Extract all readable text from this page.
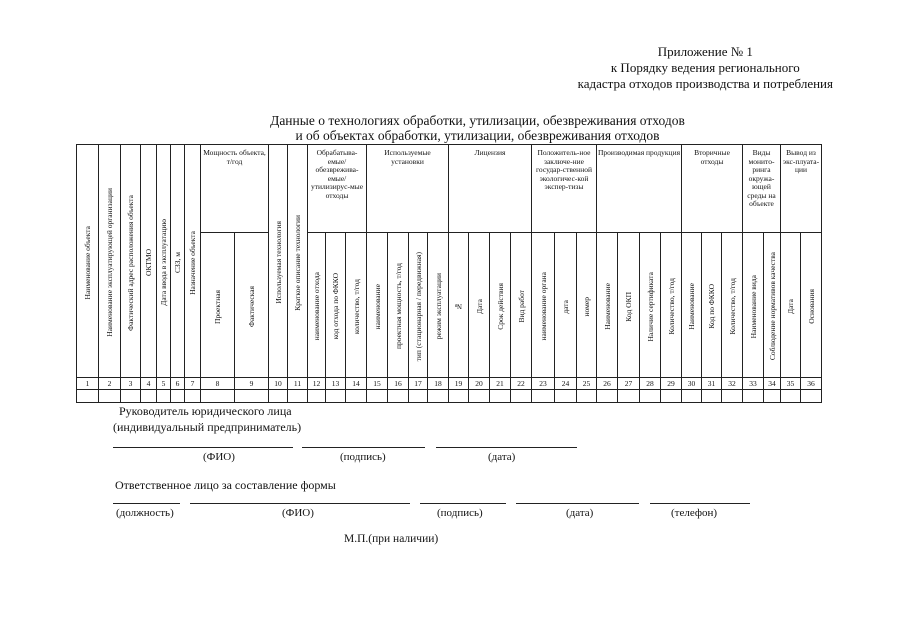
Приложение № 1
к Порядку ведения регионального
кадастра отходов производства и потребления
Данные о технологиях обработки, утилизации, обезвреживания отходов
и об объектах обработки, утилизации, обезвреживания отходов
Наименование объекта	Наименование эксплуатирующей организации	Фактический адрес расположения объекта	ОКТМО	Дата ввода в эксплуатацию	СЗЗ, м	Назначение объекта	Мощность объекта, т/год		Используемая технология	Краткое описание технологии	Обрабатыва-емые/ обезврежива-емые/ утилизирус-мые отходы			Используемые установки				Лицензия				Положитель-ное заключе-ние государ-ственной экологичес-кой экспер-тизы			Производимая продукция				Вторичные отходы			Виды монито-ринга окружа-ющей среды на объекте		Вывод из экс-плуата-ции	

							Проектная	Фактическая			наименование отхода	код отхода по ФККО	количество, т/год	наименование	проектная мощность, т/год	тип (стационарная / передвижная)	режим эксплуатации	№	Дата	Срок действия	Вид работ	наименование органа	дата	номер	Наименование	Код ОКП	Наличие сертификата	Количество, т/год	Наименование	Код по ФККО	Количество, т/год	Наименование вида	Соблюдение нормативов качества	Дата	Основания

1	2	3	4	5	6	7	8	9	10	11	12	13	14	15	16	17	18	19	20	21	22	23	24	25	26	27	28	29	30	31	32	33	34	35	36

Руководитель юридического лица
(индивидуальный предприниматель)
(ФИО)	(подпись)	(дата)
Ответственное лицо за составление формы
(должность)	(ФИО)	(подпись)	(дата)	(телефон)
М.П.(при наличии)
